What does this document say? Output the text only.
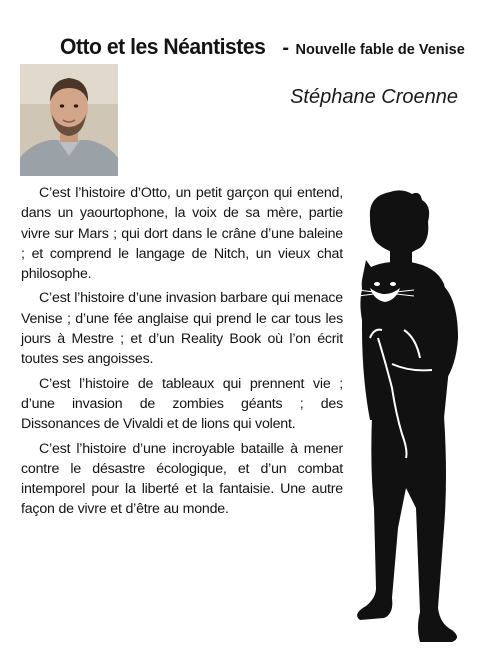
Otto et les Néantistes - Nouvelle fable de Venise
Stéphane Croenne

C’est l’histoire d’Otto, un petit garçon qui entend, dans un yaourtophone, la voix de sa mère, partie vivre sur Mars ; qui dort dans le crâne d’une baleine ; et comprend le langage de Nitch, un vieux chat philosophe.

C’est l’histoire d’une invasion barbare qui menace Venise ; d’une fée anglaise qui prend le car tous les jours à Mestre ; et d’un Reality Book où l’on écrit toutes ses angoisses.

C’est l’histoire de tableaux qui prennent vie ; d’une invasion de zombies géants ; des Dissonances de Vivaldi et de lions qui volent.

C’est l’histoire d’une incroyable bataille à mener contre le désastre écologique, et d’un combat intemporel pour la liberté et la fantaisie. Une autre façon de vivre et d’être au monde.
